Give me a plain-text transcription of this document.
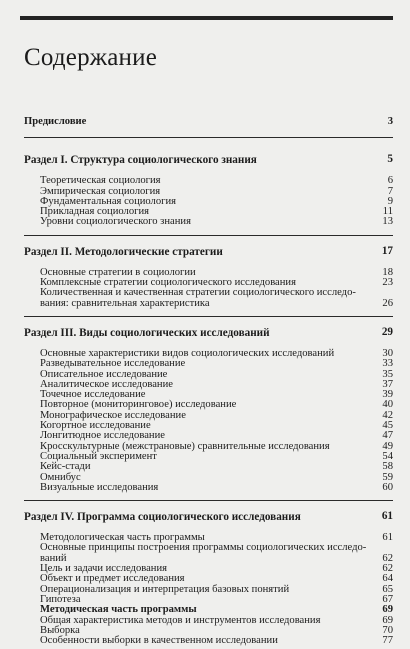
Содержание
Предисловие	3
Раздел I. Структура социологического знания	5
Теоретическая социология	6
Эмпирическая социология	7
Фундаментальная социология	9
Прикладная социология	11
Уровни социологического знания	13
Раздел II. Методологические стратегии	17
Основные стратегии в социологии	18
Комплексные стратегии социологического исследования	23
Количественная и качественная стратегии социологического исследо-вания: сравнительная характеристика	26
Раздел III. Виды социологических исследований	29
Основные характеристики видов социологических исследований	30
Разведывательное исследование	33
Описательное исследование	35
Аналитическое исследование	37
Точечное исследование	39
Повторное (мониторинговое) исследование	40
Монографическое исследование	42
Когортное исследование	45
Лонгитюдное исследование	47
Кросскультурные (межстрановые) сравнительные исследования	49
Социальный эксперимент	54
Кейс-стади	58
Омнибус	59
Визуальные исследования	60
Раздел IV. Программа социологического исследования	61
Методологическая часть программы	61
Основные принципы построения программы социологических исследо-ваний	62
Цель и задачи исследования	62
Объект и предмет исследования	64
Операционализация и интерпретация базовых понятий	65
Гипотеза	67
Методическая часть программы	69
Общая характеристика методов и инструментов исследования	69
Выборка	70
Особенности выборки в качественном исследовании	77
